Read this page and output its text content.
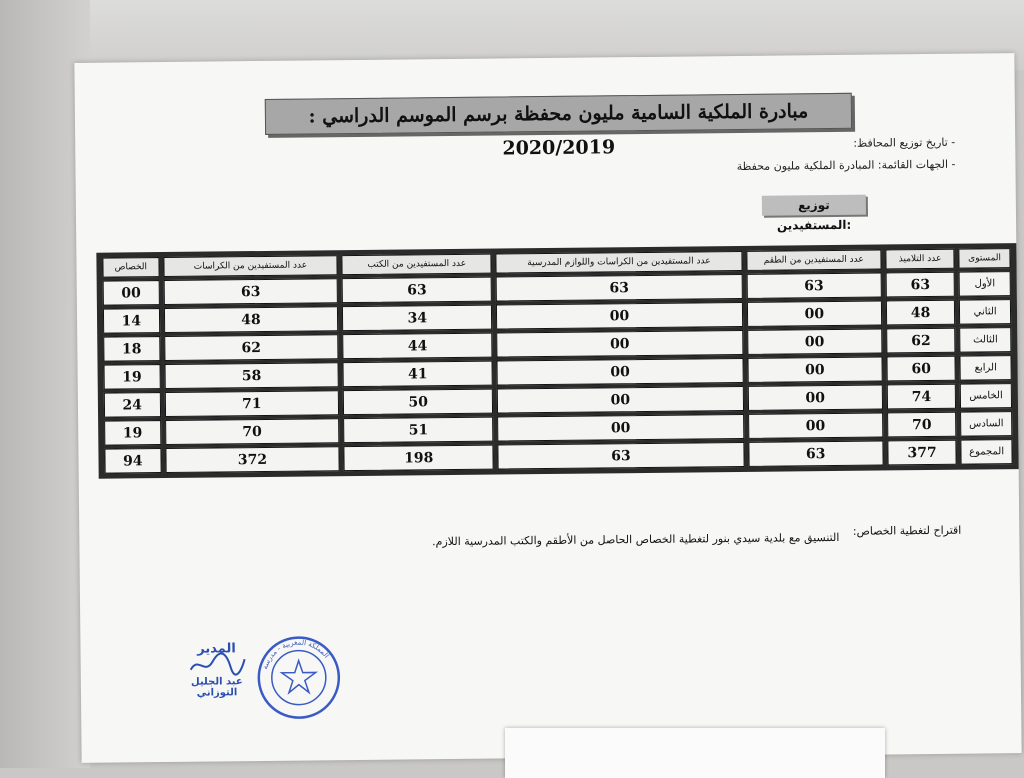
مبادرة الملكية السامية مليون محفظة برسم الموسم الدراسي : 2020/2019	- تاريخ توزيع المحافظ:
- الجهات القائمة: المبادرة الملكية مليون محفظة
توزيع المستفيدين:
الخصاص	عدد المستفيدين من الكراسات	عدد المستفيدين من الكتب	عدد المستفيدين من الكراسات واللوازم المدرسية	عدد المستفيدين من الطقم	عدد التلاميذ	المستوى
00	63	63	63	63	63	الأول
14	48	34	00	00	48	الثاني
18	62	44	00	00	62	الثالث
19	58	41	00	00	60	الرابع
24	71	50	00	00	74	الخامس
19	70	51	00	00	70	السادس
94	372	198	63	63	377	المجموع
اقتراح لتغطية الخصاص:
التنسيق مع بلدية سيدي بنور لتغطية الخصاص الحاصل من الأطقم والكتب المدرسية اللازم.
المدير
عبد الجليل التوزاني
المملكة المغربية - مدرسة
